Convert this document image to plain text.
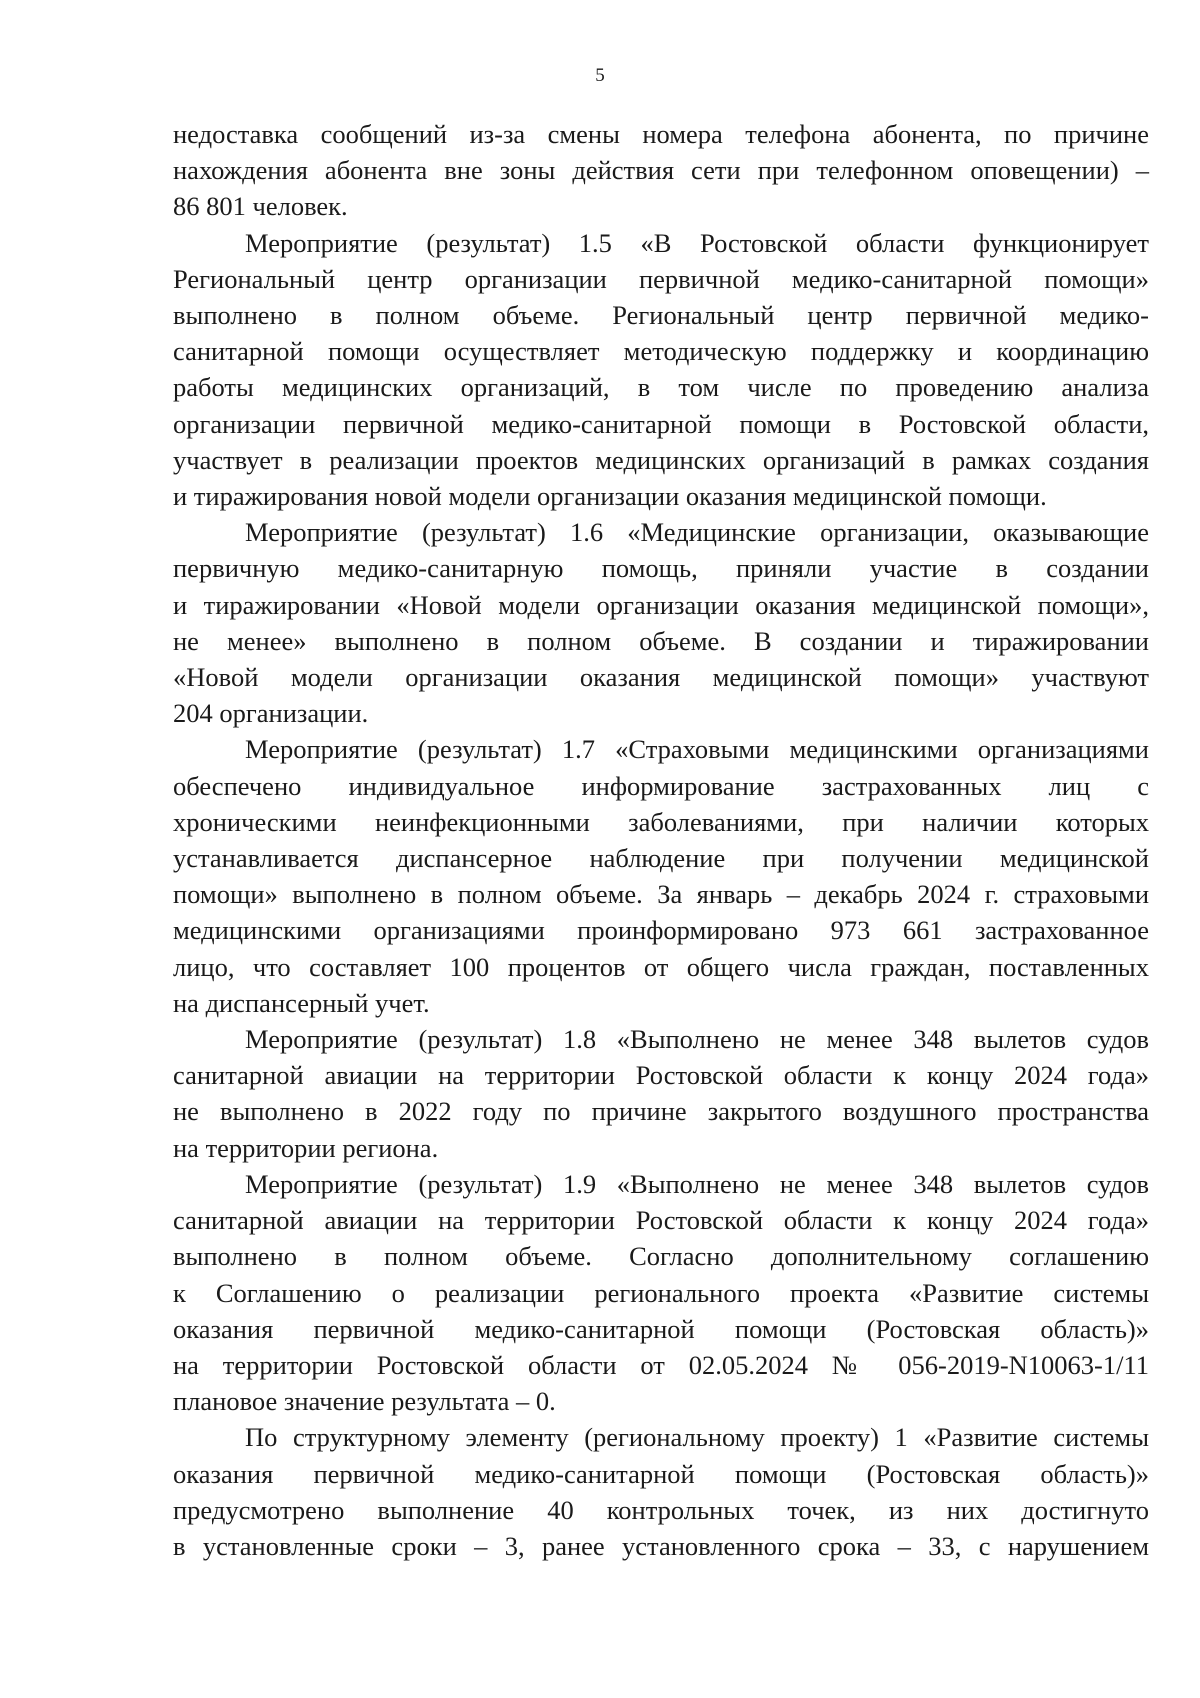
5
недоставка сообщений из-за смены номера телефона абонента, по причине
нахождения абонента вне зоны действия сети при телефонном оповещении) –
86 801 человек.
Мероприятие (результат) 1.5 «В Ростовской области функционирует
Региональный центр организации первичной медико-санитарной помощи»
выполнено в полном объеме. Региональный центр первичной медико-
санитарной помощи осуществляет методическую поддержку и координацию
работы медицинских организаций, в том числе по проведению анализа
организации первичной медико-санитарной помощи в Ростовской области,
участвует в реализации проектов медицинских организаций в рамках создания
и тиражирования новой модели организации оказания медицинской помощи.
Мероприятие (результат) 1.6 «Медицинские организации, оказывающие
первичную медико-санитарную помощь, приняли участие в создании
и тиражировании «Новой модели организации оказания медицинской помощи»,
не менее» выполнено в полном объеме. В создании и тиражировании
«Новой модели организации оказания медицинской помощи» участвуют
204 организации.
Мероприятие (результат) 1.7 «Страховыми медицинскими организациями
обеспечено индивидуальное информирование застрахованных лиц с
хроническими неинфекционными заболеваниями, при наличии которых
устанавливается диспансерное наблюдение при получении медицинской
помощи» выполнено в полном объеме. За январь – декабрь 2024 г. страховыми
медицинскими организациями проинформировано 973 661 застрахованное
лицо, что составляет 100 процентов от общего числа граждан, поставленных
на диспансерный учет.
Мероприятие (результат) 1.8 «Выполнено не менее 348 вылетов судов
санитарной авиации на территории Ростовской области к концу 2024 года»
не выполнено в 2022 году по причине закрытого воздушного пространства
на территории региона.
Мероприятие (результат) 1.9 «Выполнено не менее 348 вылетов судов
санитарной авиации на территории Ростовской области к концу 2024 года»
выполнено в полном объеме. Согласно дополнительному соглашению
к Соглашению о реализации регионального проекта «Развитие системы
оказания первичной медико-санитарной помощи (Ростовская область)»
на территории Ростовской области от 02.05.2024 № 056-2019-N10063-1/11
плановое значение результата – 0.
По структурному элементу (региональному проекту) 1 «Развитие системы
оказания первичной медико-санитарной помощи (Ростовская область)»
предусмотрено выполнение 40 контрольных точек, из них достигнуто
в установленные сроки – 3, ранее установленного срока – 33, с нарушением
